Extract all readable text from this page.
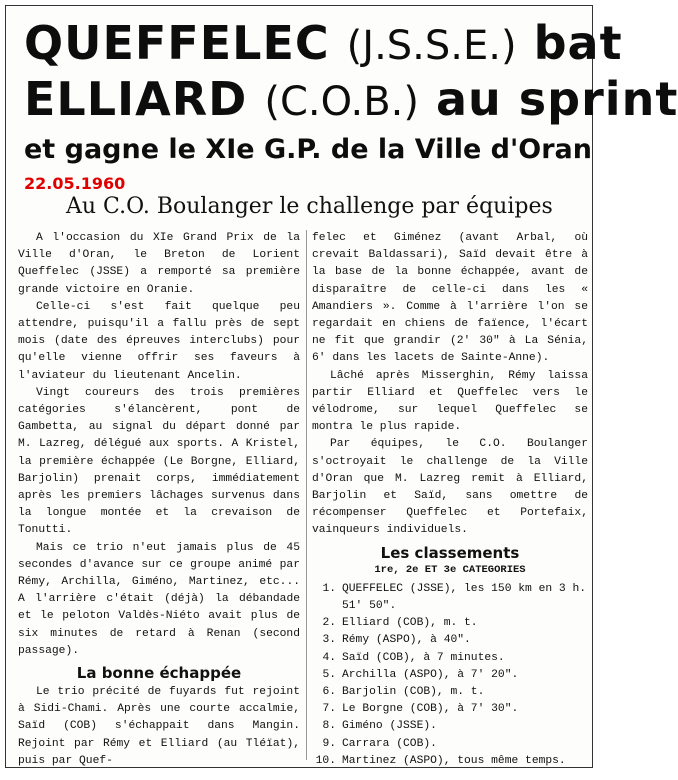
QUEFFELEC (J.S.S.E.) bat
ELLIARD (C.O.B.) au sprint
et gagne le XIe G.P. de la Ville d'Oran
22.05.1960
Au C.O. Boulanger le challenge par équipes

A l'occasion du XIe Grand Prix de la Ville d'Oran, le Breton de Lorient Queffelec (JSSE) a remporté sa première grande victoire en Oranie.

Celle-ci s'est fait quelque peu attendre, puisqu'il a fallu près de sept mois (date des épreuves interclubs) pour qu'elle vienne offrir ses faveurs à l'aviateur du lieutenant Ancelin.

Vingt coureurs des trois premières catégories s'élancèrent, pont de Gambetta, au signal du départ donné par M. Lazreg, délégué aux sports. A Kristel, la première échappée (Le Borgne, Elliard, Barjolin) prenait corps, immédiatement après les premiers lâchages survenus dans la longue montée et la crevaison de Tonutti.

Mais ce trio n'eut jamais plus de 45 secondes d'avance sur ce groupe animé par Rémy, Archilla, Giméno, Martinez, etc... A l'arrière c'était (déjà) la débandade et le peloton Valdès-Niéto avait plus de six minutes de retard à Renan (second passage).

La bonne échappée

Le trio précité de fuyards fut rejoint à Sidi-Chami. Après une courte accalmie, Saïd (COB) s'échappait dans Mangin. Rejoint par Rémy et Elliard (au Tléïat), puis par Quef-

felec et Giménez (avant Arbal, où crevait Baldassari), Saïd devait être à la base de la bonne échappée, avant de disparaître de celle-ci dans les « Amandiers ». Comme à l'arrière l'on se regardait en chiens de faïence, l'écart ne fit que grandir (2' 30" à La Sénia, 6' dans les lacets de Sainte-Anne).

Lâché après Misserghin, Rémy laissa partir Elliard et Queffelec vers le vélodrome, sur lequel Queffelec se montra le plus rapide.

Par équipes, le C.O. Boulanger s'octroyait le challenge de la Ville d'Oran que M. Lazreg remit à Elliard, Barjolin et Saïd, sans omettre de récompenser Queffelec et Portefaix, vainqueurs individuels.

Les classements
1re, 2e ET 3e CATEGORIES
1. QUEFFELEC (JSSE), les 150 km en 3 h. 51' 50".
2. Elliard (COB), m. t.
3. Rémy (ASPO), à 40".
4. Saïd (COB), à 7 minutes.
5. Archilla (ASPO), à 7' 20".
6. Barjolin (COB), m. t.
7. Le Borgne (COB), à 7' 30".
8. Giméno (JSSE).
9. Carrara (COB).
10. Martinez (ASPO), tous même temps.
